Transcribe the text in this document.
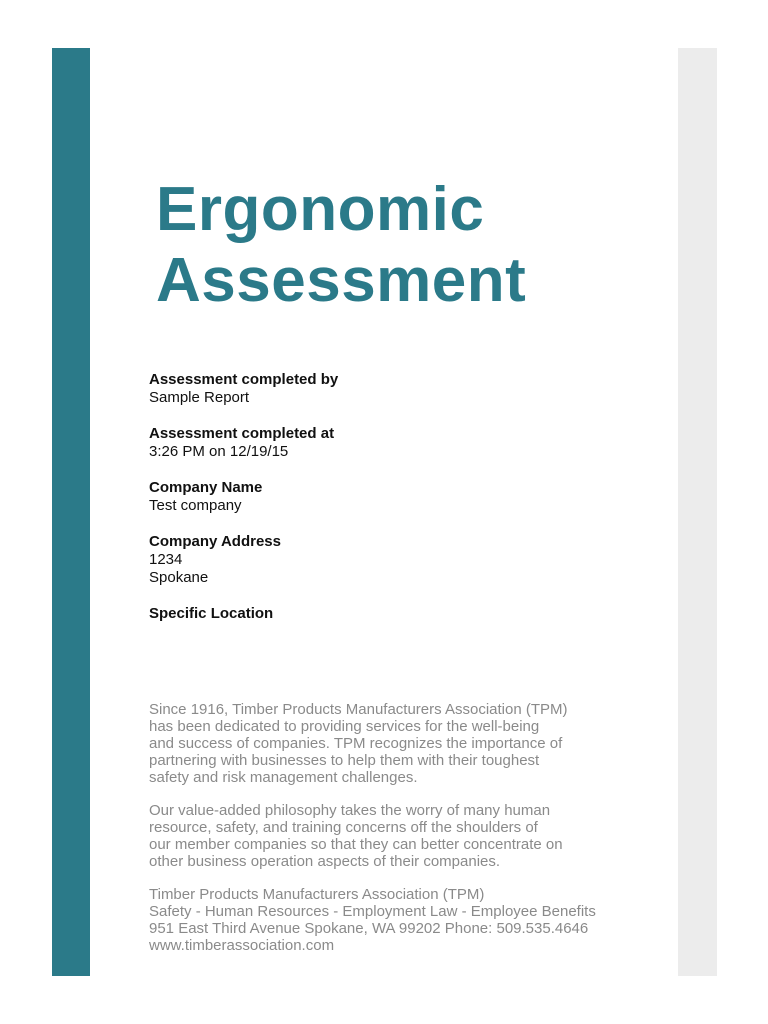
Ergonomic
Assessment
Assessment completed by
Sample Report
Assessment completed at
3:26 PM on 12/19/15
Company Name
Test company
Company Address
1234
Spokane
Specific Location

Since 1916, Timber Products Manufacturers Association (TPM)
has been dedicated to providing services for the well-being
and success of companies. TPM recognizes the importance of
partnering with businesses to help them with their toughest
safety and risk management challenges.

Our value-added philosophy takes the worry of many human
resource, safety, and training concerns off the shoulders of
our member companies so that they can better concentrate on
other business operation aspects of their companies.

Timber Products Manufacturers Association (TPM)
Safety - Human Resources - Employment Law - Employee Benefits
951 East Third Avenue Spokane, WA 99202 Phone: 509.535.4646
www.timberassociation.com
